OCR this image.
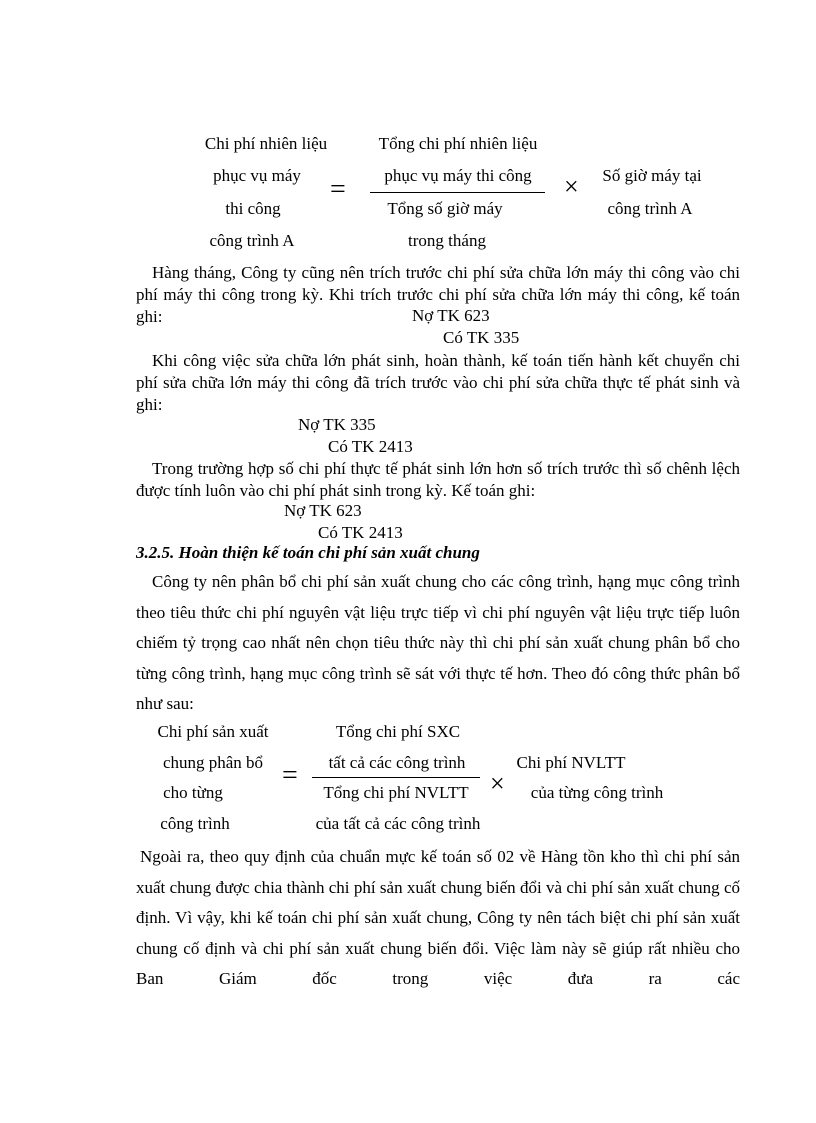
Chi phí nhiên liệu
phục vụ máy
thi công
công trình A
=
Tổng chi phí nhiên liệu
phục vụ máy thi công
Tổng số giờ máy
trong tháng
× Số giờ máy tại
công trình A
Hàng tháng, Công ty cũng nên trích trước chi phí sửa chữa lớn máy thi công vào chi phí máy thi công trong kỳ. Khi trích trước chi phí sửa chữa lớn máy thi công, kế toán ghi:	Nợ TK 623
Có TK 335
Khi công việc sửa chữa lớn phát sinh, hoàn thành, kế toán tiến hành kết chuyển chi phí sửa chữa lớn máy thi công đã trích trước vào chi phí sửa chữa thực tế phát sinh và ghi:
Nợ TK 335
Có TK 2413
Trong trường hợp số chi phí thực tế phát sinh lớn hơn số trích trước thì số chênh lệch được tính luôn vào chi phí phát sinh trong kỳ. Kế toán ghi:
Nợ TK 623
Có TK 2413
3.2.5. Hoàn thiện kế toán chi phí sản xuất chung
Công ty nên phân bổ chi phí sản xuất chung cho các công trình, hạng mục công trình theo tiêu thức chi phí nguyên vật liệu trực tiếp vì chi phí nguyên vật liệu trực tiếp luôn chiếm tỷ trọng cao nhất nên chọn tiêu thức này thì chi phí sản xuất chung phân bổ cho từng công trình, hạng mục công trình sẽ sát với thực tế hơn. Theo đó công thức phân bổ như sau:
Chi phí sản xuất
chung phân bổ
cho từng
công trình
=
Tổng chi phí SXC
tất cả các công trình
Tổng chi phí NVLTT
của tất cả các công trình
×
Chi phí NVLTT
của từng công trình
Ngoài ra, theo quy định của chuẩn mực kế toán số 02 về Hàng tồn kho thì chi phí sản xuất chung được chia thành chi phí sản xuất chung biến đổi và chi phí sản xuất chung cố định. Vì vậy, khi kế toán chi phí sản xuất chung, Công ty nên tách biệt chi phí sản xuất chung cố định và chi phí sản xuất chung biến đổi. Việc làm này sẽ giúp rất nhiều cho Ban Giám đốc trong việc đưa ra các
